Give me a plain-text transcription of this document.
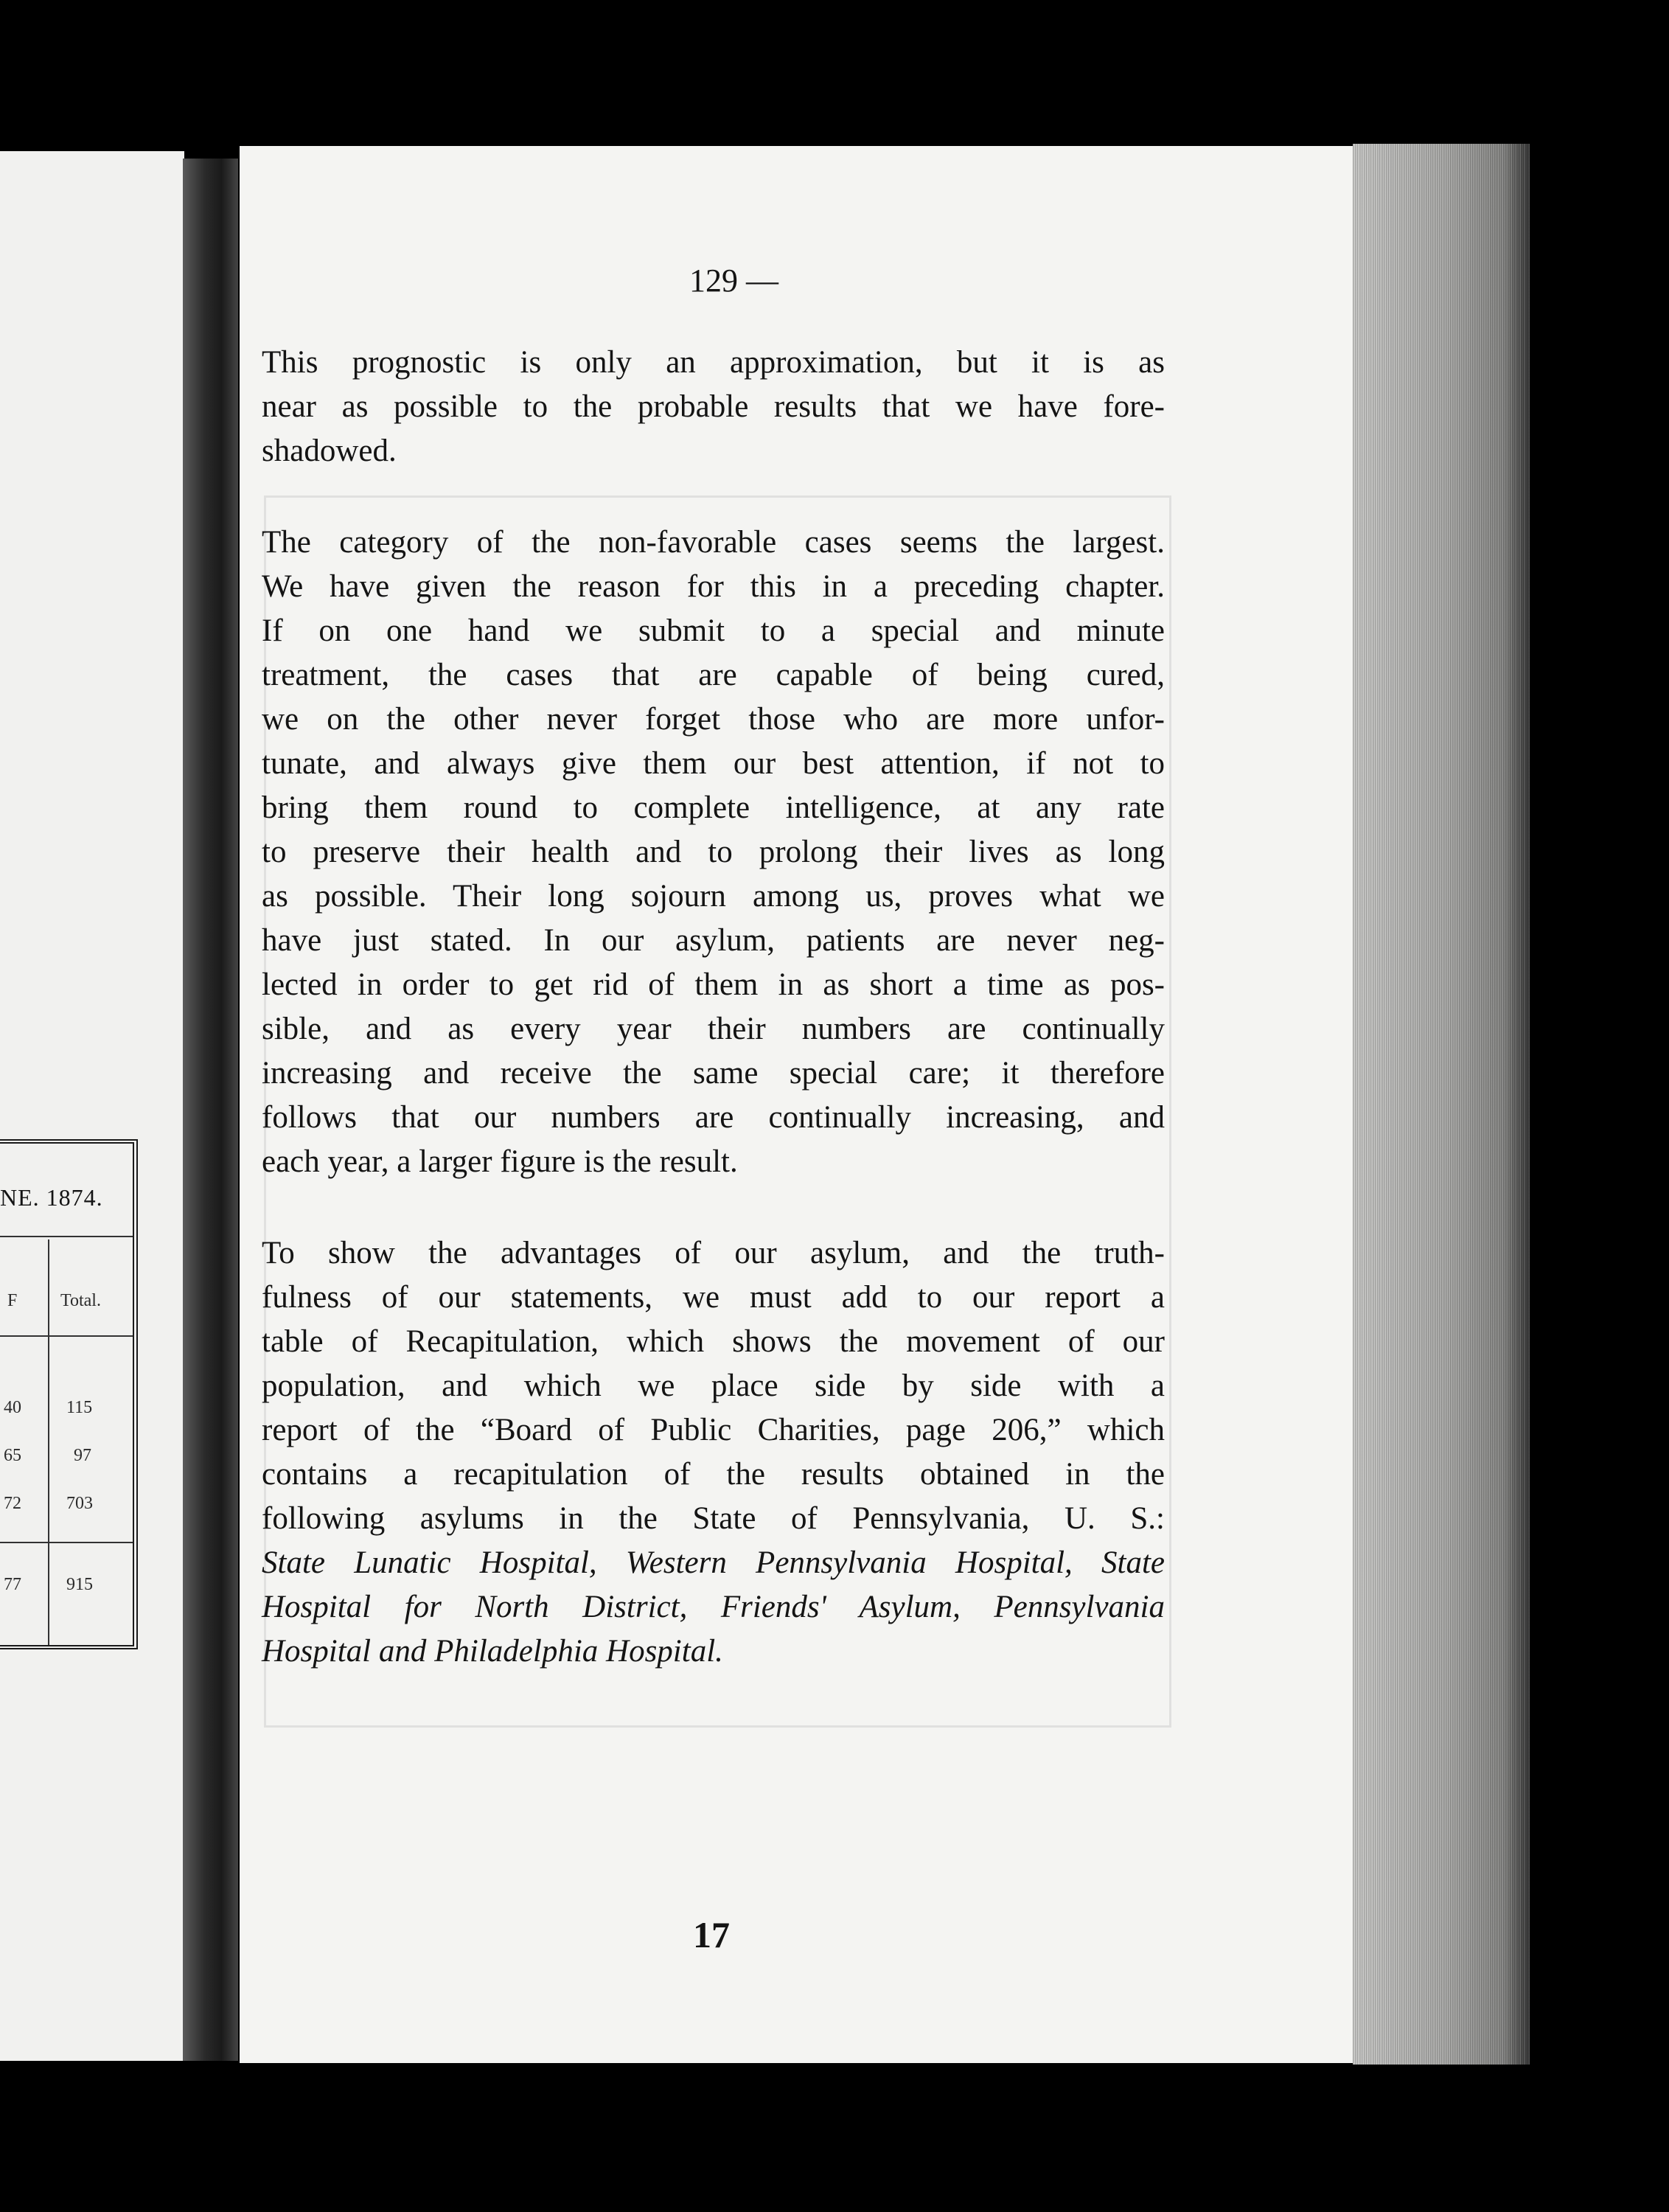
NE. 1874.
F Total.
40	115
65	97
72	703
77	915
129 —
This prognostic is only an approximation, but it is as
near as possible to the probable results that we have fore-
shadowed.
The category of the non-favorable cases seems the largest.
We have given the reason for this in a preceding chapter.
If on one hand we submit to a special and minute
treatment, the cases that are capable of being cured,
we on the other never forget those who are more unfor-
tunate, and always give them our best attention, if not to
bring them round to complete intelligence, at any rate
to preserve their health and to prolong their lives as long
as possible. Their long sojourn among us, proves what we
have just stated. In our asylum, patients are never neg-
lected in order to get rid of them in as short a time as pos-
sible, and as every year their numbers are continually
increasing and receive the same special care; it therefore
follows that our numbers are continually increasing, and
each year, a larger figure is the result.
To show the advantages of our asylum, and the truth-
fulness of our statements, we must add to our report a
table of Recapitulation, which shows the movement of our
population, and which we place side by side with a
report of the “Board of Public Charities, page 206,” which
contains a recapitulation of the results obtained in the
following asylums in the State of Pennsylvania, U. S.:
State Lunatic Hospital, Western Pennsylvania Hospital, State
Hospital for North District, Friends' Asylum, Pennsylvania
Hospital and Philadelphia Hospital.
17
